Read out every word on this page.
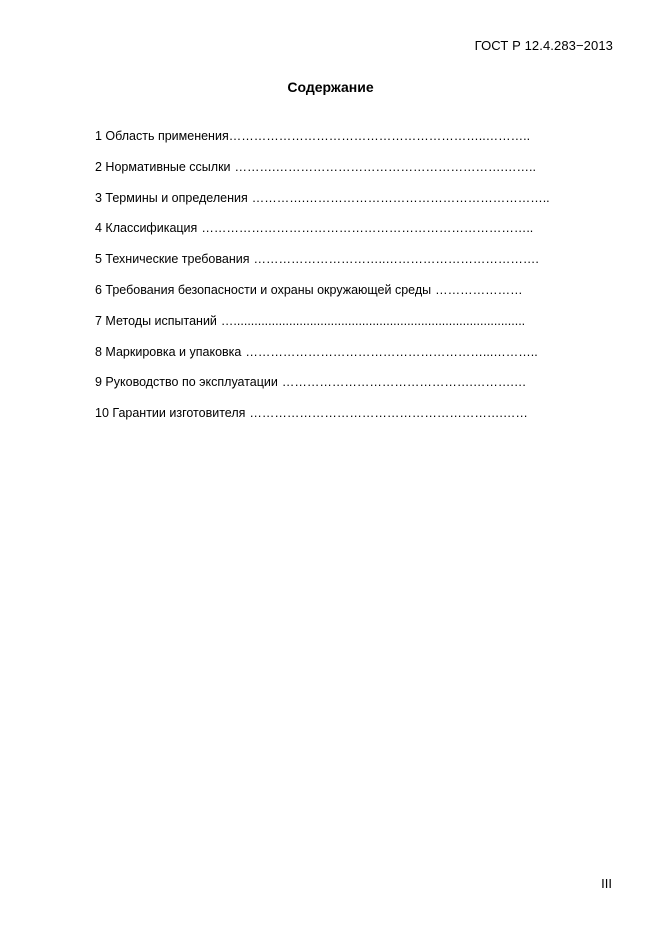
ГОСТ Р 12.4.283−2013
Содержание
1 Область применения……………………………………………………..………..
2 Нормативные ссылки ……….……………………………………………….……..
3 Термины и определения ………….…………………………………………………..
4 Классификация ……………………………………………………………………..
5 Технические требования …………………………..……………………………….
6 Требования безопасности и охраны окружающей среды …………………
7 Методы испытаний …....................................................................................
8 Маркировка и упаковка …………………………………………………...………..
9 Руководство по эксплуатации ……………………………………….……….…
10 Гарантии изготовителя …………………………………………………….……
III
